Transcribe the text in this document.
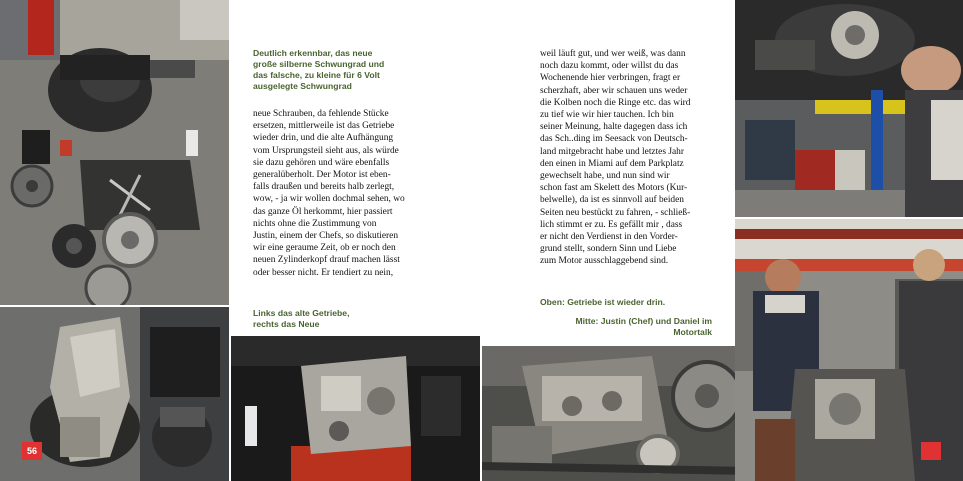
Deutlich erkennbar, das neue
große silberne Schwungrad und
das falsche, zu kleine für 6 Volt
ausgelegte Schwungrad
neue Schrauben, da fehlende Stücke
ersetzen, mittlerweile ist das Getriebe
wieder drin, und die alte Aufhängung
vom Ursprungsteil sieht aus, als würde
sie dazu gehören und wäre ebenfalls
generalüberholt. Der Motor ist eben-
falls draußen und bereits halb zerlegt,
wow, - ja wir wollen dochmal sehen, wo
das ganze Öl herkommt, hier passiert
nichts ohne die Zustimmung von
Justin, einem der Chefs, so diskutieren
wir eine geraume Zeit, ob er noch den
neuen Zylinderkopf drauf machen lässt
oder besser nicht. Er tendiert zu nein,
Links das alte Getriebe,
rechts das Neue
weil läuft gut, und wer weiß, was dann
noch dazu kommt, oder willst du das
Wochenende hier verbringen, fragt er
scherzhaft, aber wir schauen uns weder
die Kolben noch die Ringe etc. das wird
zu tief wie wir hier tauchen. Ich bin
seiner Meinung, halte dagegen dass ich
das Sch..ding im Seesack von Deutsch-
land mitgebracht habe und letztes Jahr
den einen in Miami auf dem Parkplatz
gewechselt habe, und nun sind wir
schon fast am Skelett des Motors (Kur-
belwelle), da ist es sinnvoll auf beiden
Seiten neu bestückt zu fahren, - schließ-
lich stimmt er zu. Es gefällt mir , dass
er nicht den Verdienst in den Vorder-
grund stellt, sondern Sinn und Liebe
zum Motor ausschlaggebend sind.
Oben: Getriebe ist wieder drin.
Mitte: Justin (Chef) und Daniel im
Motortalk
56
